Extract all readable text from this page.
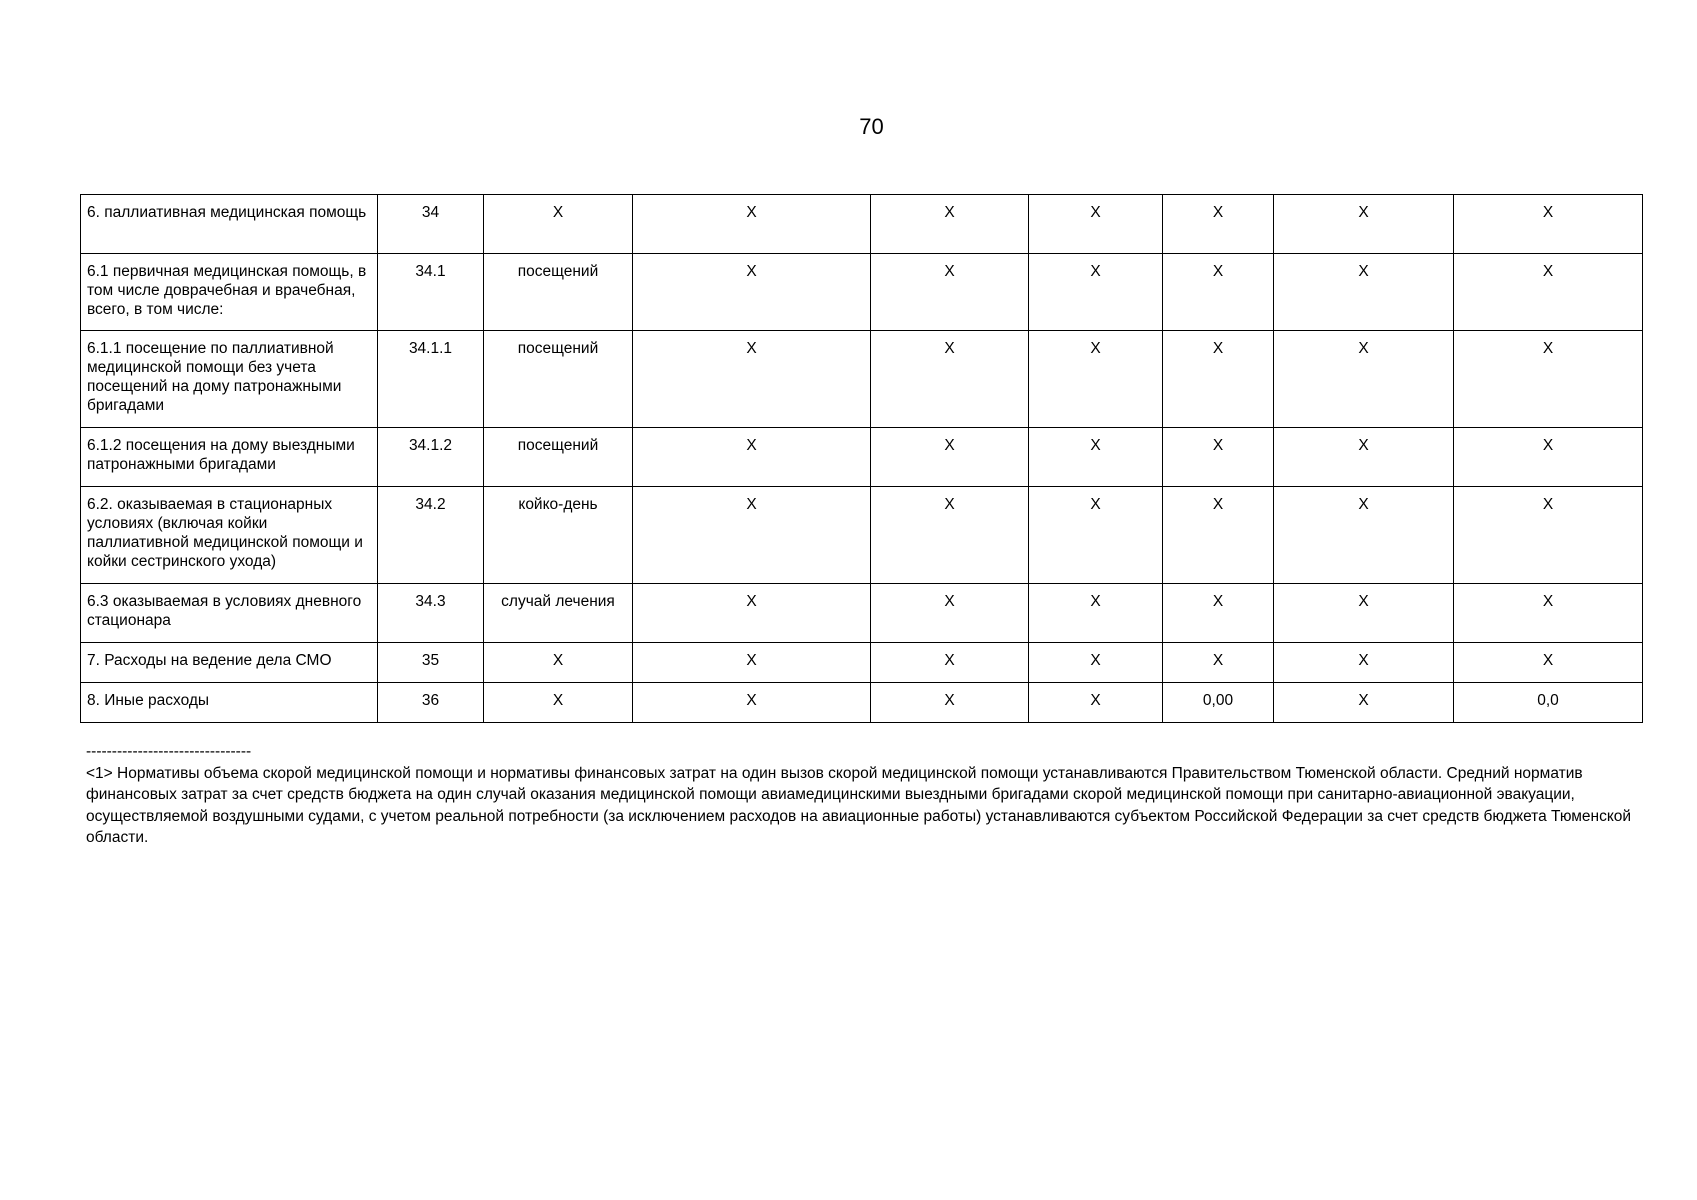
70
6. паллиативная медицинская помощь	34	Х	Х	Х	Х	Х	Х	Х
6.1 первичная медицинская помощь, в том числе доврачебная и врачебная, всего, в том числе:	34.1	посещений	Х	Х	Х	Х	Х	Х
6.1.1 посещение по паллиативной медицинской помощи без учета посещений на дому патронажными бригадами	34.1.1	посещений	Х	Х	Х	Х	Х	Х
6.1.2 посещения на дому выездными патронажными бригадами	34.1.2	посещений	Х	Х	Х	Х	Х	Х
6.2. оказываемая в стационарных условиях (включая койки паллиативной медицинской помощи и койки сестринского ухода)	34.2	койко-день	Х	Х	Х	Х	Х	Х
6.3 оказываемая в условиях дневного стационара	34.3	случай лечения	Х	Х	Х	Х	Х	Х
7. Расходы на ведение дела СМО	35	Х	Х	Х	Х	Х	Х	Х
8. Иные расходы	36	Х	Х	Х	Х	0,00	Х	0,0
--------------------------------
<1> Нормативы объема скорой медицинской помощи и нормативы финансовых затрат на один вызов скорой медицинской помощи устанавливаются Правительством Тюменской области. Средний норматив финансовых затрат за счет средств бюджета на один случай оказания медицинской помощи авиамедицинскими выездными бригадами скорой медицинской помощи при санитарно-авиационной эвакуации, осуществляемой воздушными судами, с учетом реальной потребности (за исключением расходов на авиационные работы) устанавливаются субъектом Российской Федерации за счет средств бюджета Тюменской области.
